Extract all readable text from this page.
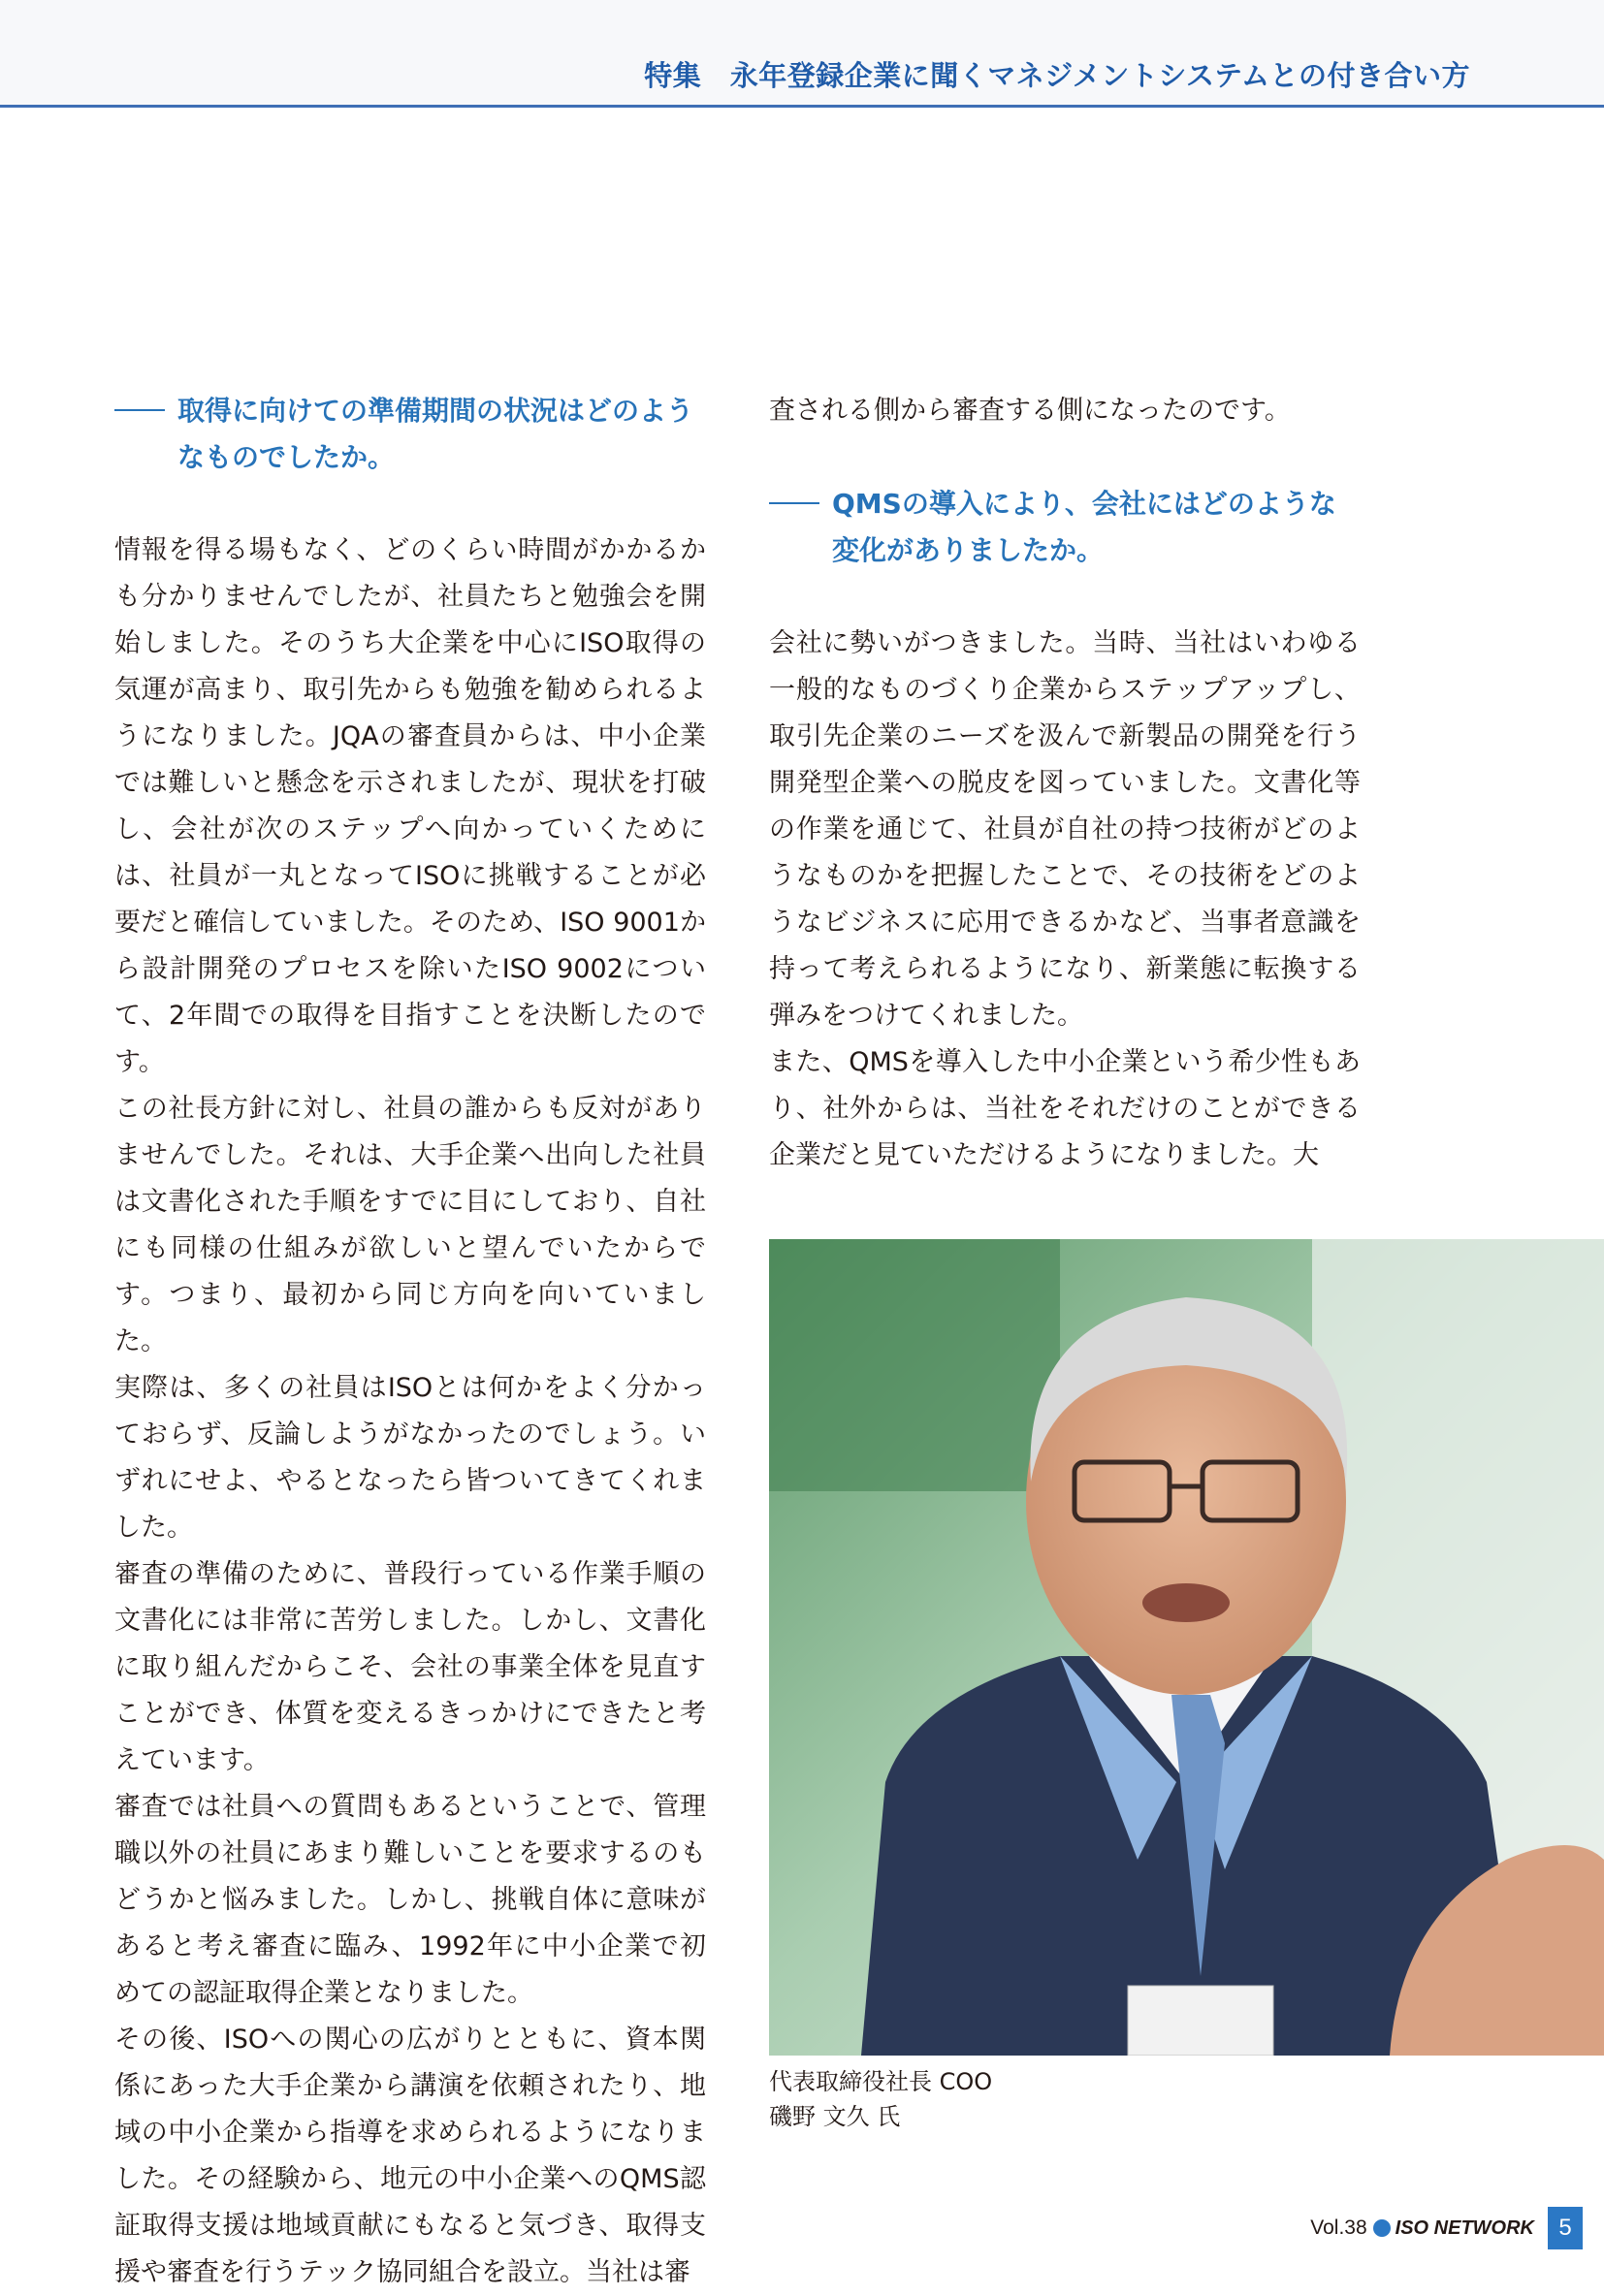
特集　永年登録企業に聞くマネジメントシステムとの付き合い方

取得に向けての準備期間の状況はどのようなものでしたか。

情報を得る場もなく、どのくらい時間がかかるかも分かりませんでしたが、社員たちと勉強会を開始しました。そのうち大企業を中心にISO取得の気運が高まり、取引先からも勉強を勧められるようになりました。JQAの審査員からは、中小企業では難しいと懸念を示されましたが、現状を打破し、会社が次のステップへ向かっていくためには、社員が一丸となってISOに挑戦することが必要だと確信していました。そのため、ISO 9001から設計開発のプロセスを除いたISO 9002について、2年間での取得を目指すことを決断したのです。

この社長方針に対し、社員の誰からも反対がありませんでした。それは、大手企業へ出向した社員は文書化された手順をすでに目にしており、自社にも同様の仕組みが欲しいと望んでいたからです。つまり、最初から同じ方向を向いていました。

実際は、多くの社員はISOとは何かをよく分かっておらず、反論しようがなかったのでしょう。いずれにせよ、やるとなったら皆ついてきてくれました。

審査の準備のために、普段行っている作業手順の文書化には非常に苦労しました。しかし、文書化に取り組んだからこそ、会社の事業全体を見直すことができ、体質を変えるきっかけにできたと考えています。

審査では社員への質問もあるということで、管理職以外の社員にあまり難しいことを要求するのもどうかと悩みました。しかし、挑戦自体に意味があると考え審査に臨み、1992年に中小企業で初めての認証取得企業となりました。

その後、ISOへの関心の広がりとともに、資本関係にあった大手企業から講演を依頼されたり、地域の中小企業から指導を求められるようになりました。その経験から、地元の中小企業へのQMS認証取得支援は地域貢献にもなると気づき、取得支援や審査を行うテック協同組合を設立。当社は審

査される側から審査する側になったのです。

QMSの導入により、会社にはどのような変化がありましたか。

会社に勢いがつきました。当時、当社はいわゆる一般的なものづくり企業からステップアップし、取引先企業のニーズを汲んで新製品の開発を行う開発型企業への脱皮を図っていました。文書化等の作業を通じて、社員が自社の持つ技術がどのようなものかを把握したことで、その技術をどのようなビジネスに応用できるかなど、当事者意識を持って考えられるようになり、新業態に転換する弾みをつけてくれました。

また、QMSを導入した中小企業という希少性もあり、社外からは、当社をそれだけのことができる企業だと見ていただけるようになりました。大

代表取締役社長 COO
磯野 文久 氏
Vol.38 ISO NETWORK	5
